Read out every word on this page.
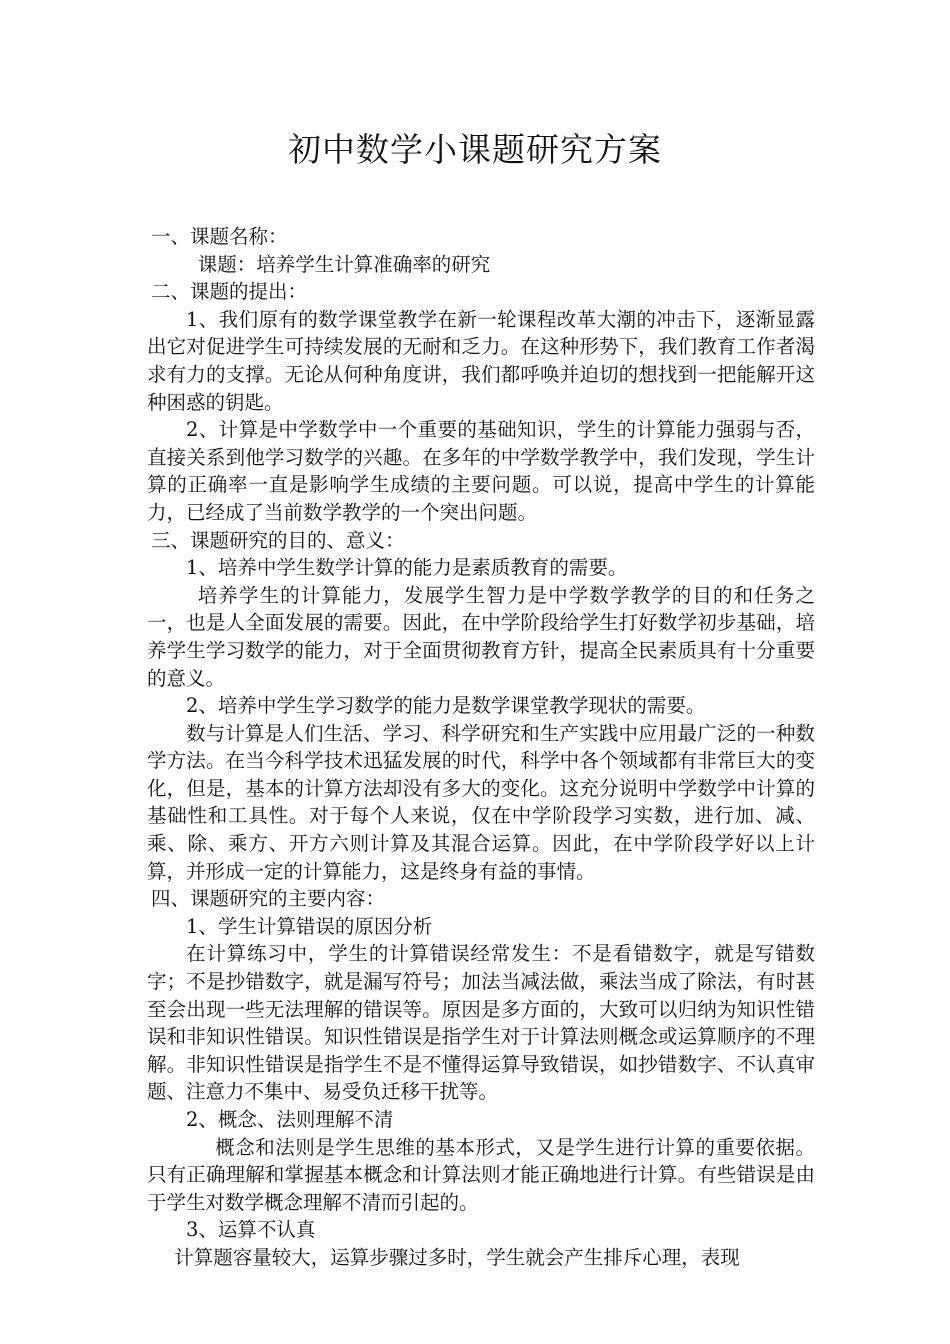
初中数学小课题研究方案

一、课题名称：

课题：培养学生计算准确率的研究

二、课题的提出：

1、我们原有的数学课堂教学在新一轮课程改革大潮的冲击下，逐渐显露出它对促进学生可持续发展的无耐和乏力。在这种形势下，我们教育工作者渴求有力的支撑。无论从何种角度讲，我们都呼唤并迫切的想找到一把能解开这种困惑的钥匙。

2、计算是中学数学中一个重要的基础知识，学生的计算能力强弱与否，直接关系到他学习数学的兴趣。在多年的中学数学教学中，我们发现，学生计算的正确率一直是影响学生成绩的主要问题。可以说，提高中学生的计算能力，已经成了当前数学教学的一个突出问题。

三、课题研究的目的、意义：

1、培养中学生数学计算的能力是素质教育的需要。

培养学生的计算能力，发展学生智力是中学数学教学的目的和任务之一，也是人全面发展的需要。因此，在中学阶段给学生打好数学初步基础，培养学生学习数学的能力，对于全面贯彻教育方针，提高全民素质具有十分重要的意义。

2、培养中学生学习数学的能力是数学课堂教学现状的需要。

数与计算是人们生活、学习、科学研究和生产实践中应用最广泛的一种数学方法。在当今科学技术迅猛发展的时代，科学中各个领域都有非常巨大的变化，但是，基本的计算方法却没有多大的变化。这充分说明中学数学中计算的基础性和工具性。对于每个人来说，仅在中学阶段学习实数，进行加、减、乘、除、乘方、开方六则计算及其混合运算。因此，在中学阶段学好以上计算，并形成一定的计算能力，这是终身有益的事情。

四、课题研究的主要内容：

1、学生计算错误的原因分析

在计算练习中，学生的计算错误经常发生：不是看错数字，就是写错数字；不是抄错数字，就是漏写符号；加法当减法做，乘法当成了除法，有时甚至会出现一些无法理解的错误等。原因是多方面的，大致可以归纳为知识性错误和非知识性错误。知识性错误是指学生对于计算法则概念或运算顺序的不理解。非知识性错误是指学生不是不懂得运算导致错误，如抄错数字、不认真审题、注意力不集中、易受负迁移干扰等。

2、概念、法则理解不清

概念和法则是学生思维的基本形式，又是学生进行计算的重要依据。只有正确理解和掌握基本概念和计算法则才能正确地进行计算。有些错误是由于学生对数学概念理解不清而引起的。

3、运算不认真

计算题容量较大，运算步骤过多时，学生就会产生排斥心理，表现
